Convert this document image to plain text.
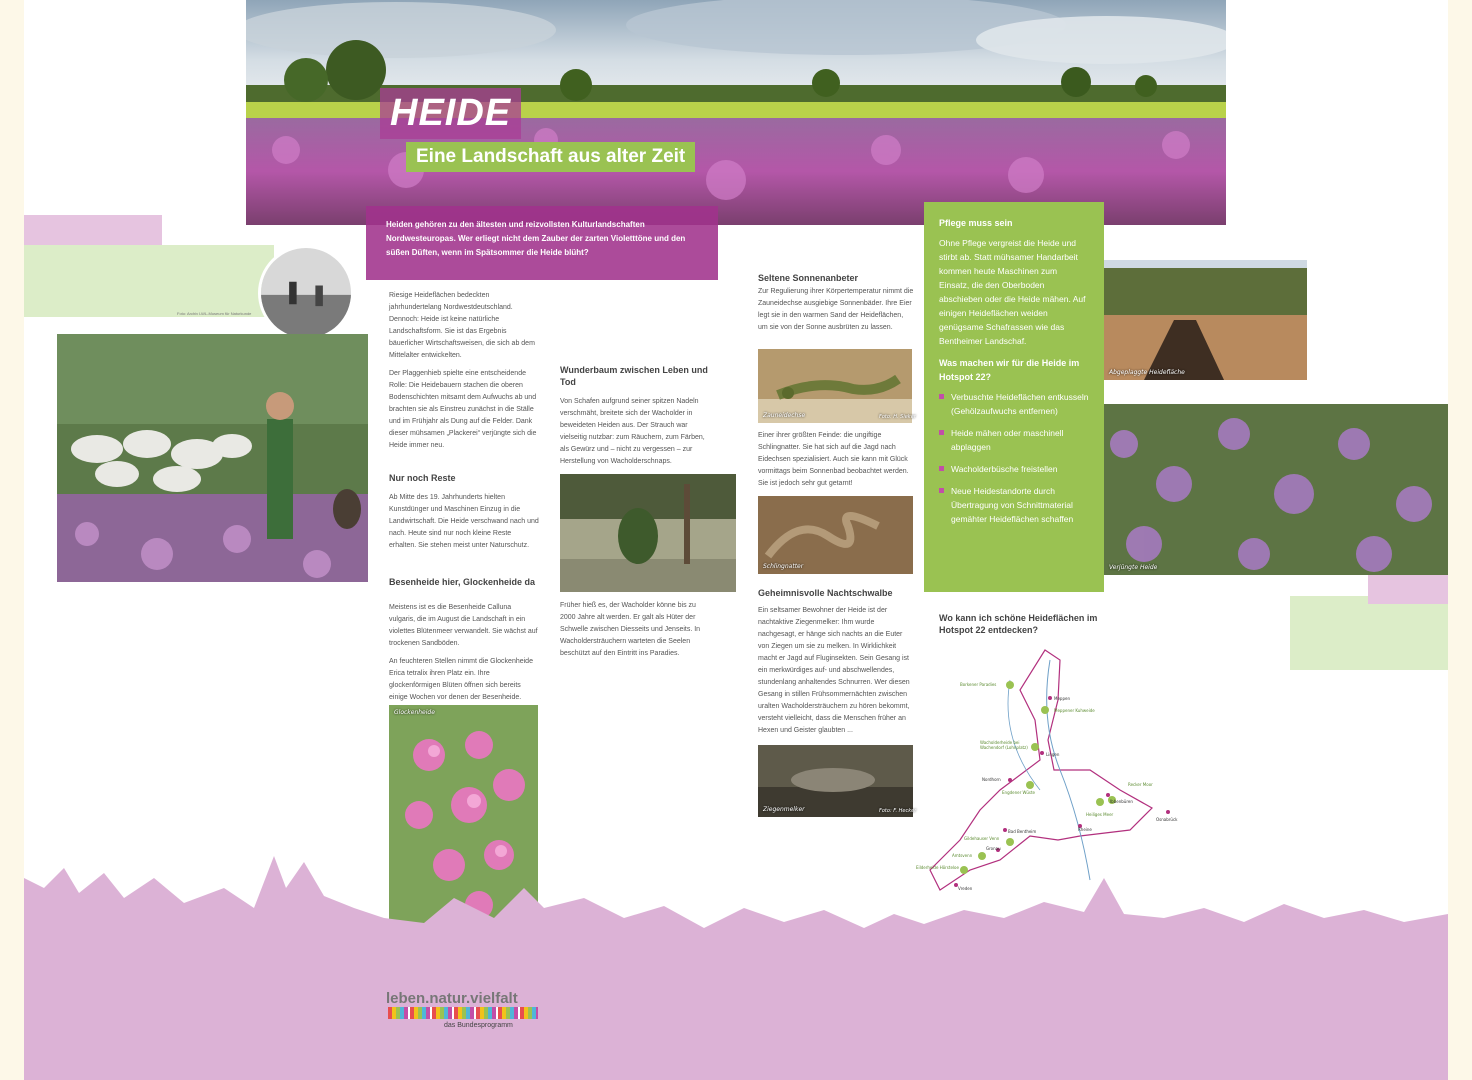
HEIDE
Eine Landschaft aus alter Zeit
Heiden gehören zu den ältesten und reizvollsten Kulturlandschaften Nordwesteuropas. Wer erliegt nicht dem Zauber der zarten Violetttöne und den süßen Düften, wenn im Spätsommer die Heide blüht?
Foto: Archiv LWL-Museum für Naturkunde

Riesige Heideflächen bedeckten jahrhundertelang Nordwestdeutschland. Dennoch: Heide ist keine natürliche Landschaftsform. Sie ist das Ergebnis bäuerlicher Wirtschaftsweisen, die sich ab dem Mittelalter entwickelten.

Der Plaggenhieb spielte eine entscheidende Rolle: Die Heidebauern stachen die oberen Bodenschichten mitsamt dem Aufwuchs ab und brachten sie als Einstreu zunächst in die Ställe und im Frühjahr als Dung auf die Felder. Dank dieser mühsamen „Plackerei“ verjüngte sich die Heide immer neu.

Nur noch Reste

Ab Mitte des 19. Jahrhunderts hielten Kunstdünger und Maschinen Einzug in die Landwirtschaft. Die Heide verschwand nach und nach. Heute sind nur noch kleine Reste erhalten. Sie stehen meist unter Naturschutz.

Besenheide hier, Glockenheide da

Meistens ist es die Besenheide Calluna vulgaris, die im August die Landschaft in ein violettes Blütenmeer verwandelt. Sie wächst auf trockenen Sandböden.

An feuchteren Stellen nimmt die Glockenheide Erica tetralix ihren Platz ein. Ihre glockenförmigen Blüten öffnen sich bereits einige Wochen vor denen der Besenheide.

Glockenheide
Wunderbaum zwischen Leben und Tod

Von Schafen aufgrund seiner spitzen Nadeln verschmäht, breitete sich der Wacholder in beweideten Heiden aus. Der Strauch war vielseitig nutzbar: zum Räuchern, zum Färben, als Gewürz und – nicht zu vergessen – zur Herstellung von Wacholderschnaps.

Früher hieß es, der Wacholder könne bis zu 2000 Jahre alt werden. Er galt als Hüter der Schwelle zwischen Diesseits und Jenseits. In Wacholdersträuchern warteten die Seelen beschützt auf den Eintritt ins Paradies.

Seltene Sonnenanbeter

Zur Regulierung ihrer Körpertemperatur nimmt die Zauneidechse ausgiebige Sonnenbäder. Ihre Eier legt sie in den warmen Sand der Heideflächen, um sie von der Sonne ausbrüten zu lassen.

Zauneidechse	Foto: H. Sieker

Einer ihrer größten Feinde: die ungiftige Schlingnatter. Sie hat sich auf die Jagd nach Eidechsen spezialisiert. Auch sie kann mit Glück vormittags beim Sonnenbad beobachtet werden. Sie ist jedoch sehr gut getarnt!

Schlingnatter
Geheimnisvolle Nachtschwalbe

Ein seltsamer Bewohner der Heide ist der nachtaktive Ziegenmelker: Ihm wurde nachgesagt, er hänge sich nachts an die Euter von Ziegen um sie zu melken. In Wirklichkeit macht er Jagd auf Fluginsekten. Sein Gesang ist ein merkwürdiges auf- und abschwellendes, stundenlang anhaltendes Schnurren. Wer diesen Gesang in stillen Frühsommernächten zwischen uralten Wacholdersträuchern zu hören bekommt, versteht vielleicht, dass die Menschen früher an Hexen und Geister glaubten ...

Ziegenmelker	Foto: F. Hecker
Pflege muss sein
Ohne Pflege vergreist die Heide und stirbt ab. Statt mühsamer Handarbeit kommen heute Maschinen zum Einsatz, die den Oberboden abschieben oder die Heide mähen. Auf einigen Heideflächen weiden genügsame Schafrassen wie das Bentheimer Landschaf.
Was machen wir für die Heide im Hotspot 22?
Verbuschte Heideflächen entkusseln (Gehölzaufwuchs entfernen)
Heide mähen oder maschinell abplaggen
Wacholderbüsche freistellen
Neue Heidestandorte durch Übertragung von Schnittmaterial gemähter Heideflächen schaffen
Abgeplaggte Heidefläche
Verjüngte Heide
Wo kann ich schöne Heideflächen im Hotspot 22 entdecken?
Borkener Paradies
Meppener Kuhweide
Wacholderheide bei Wachendorf (Lohnplatz)
Engdener Wüste
Recker Moor
Heiliges Meer
Gildehauser Venn
Amtsvenn
Eilderheide Hörsteloe
Meppen
Lingen
Nordhorn
Bad Bentheim
Gronau
Rheine
Ibbenbüren
Osnabrück
Vreden
leben.natur.vielfalt
das Bundesprogramm
